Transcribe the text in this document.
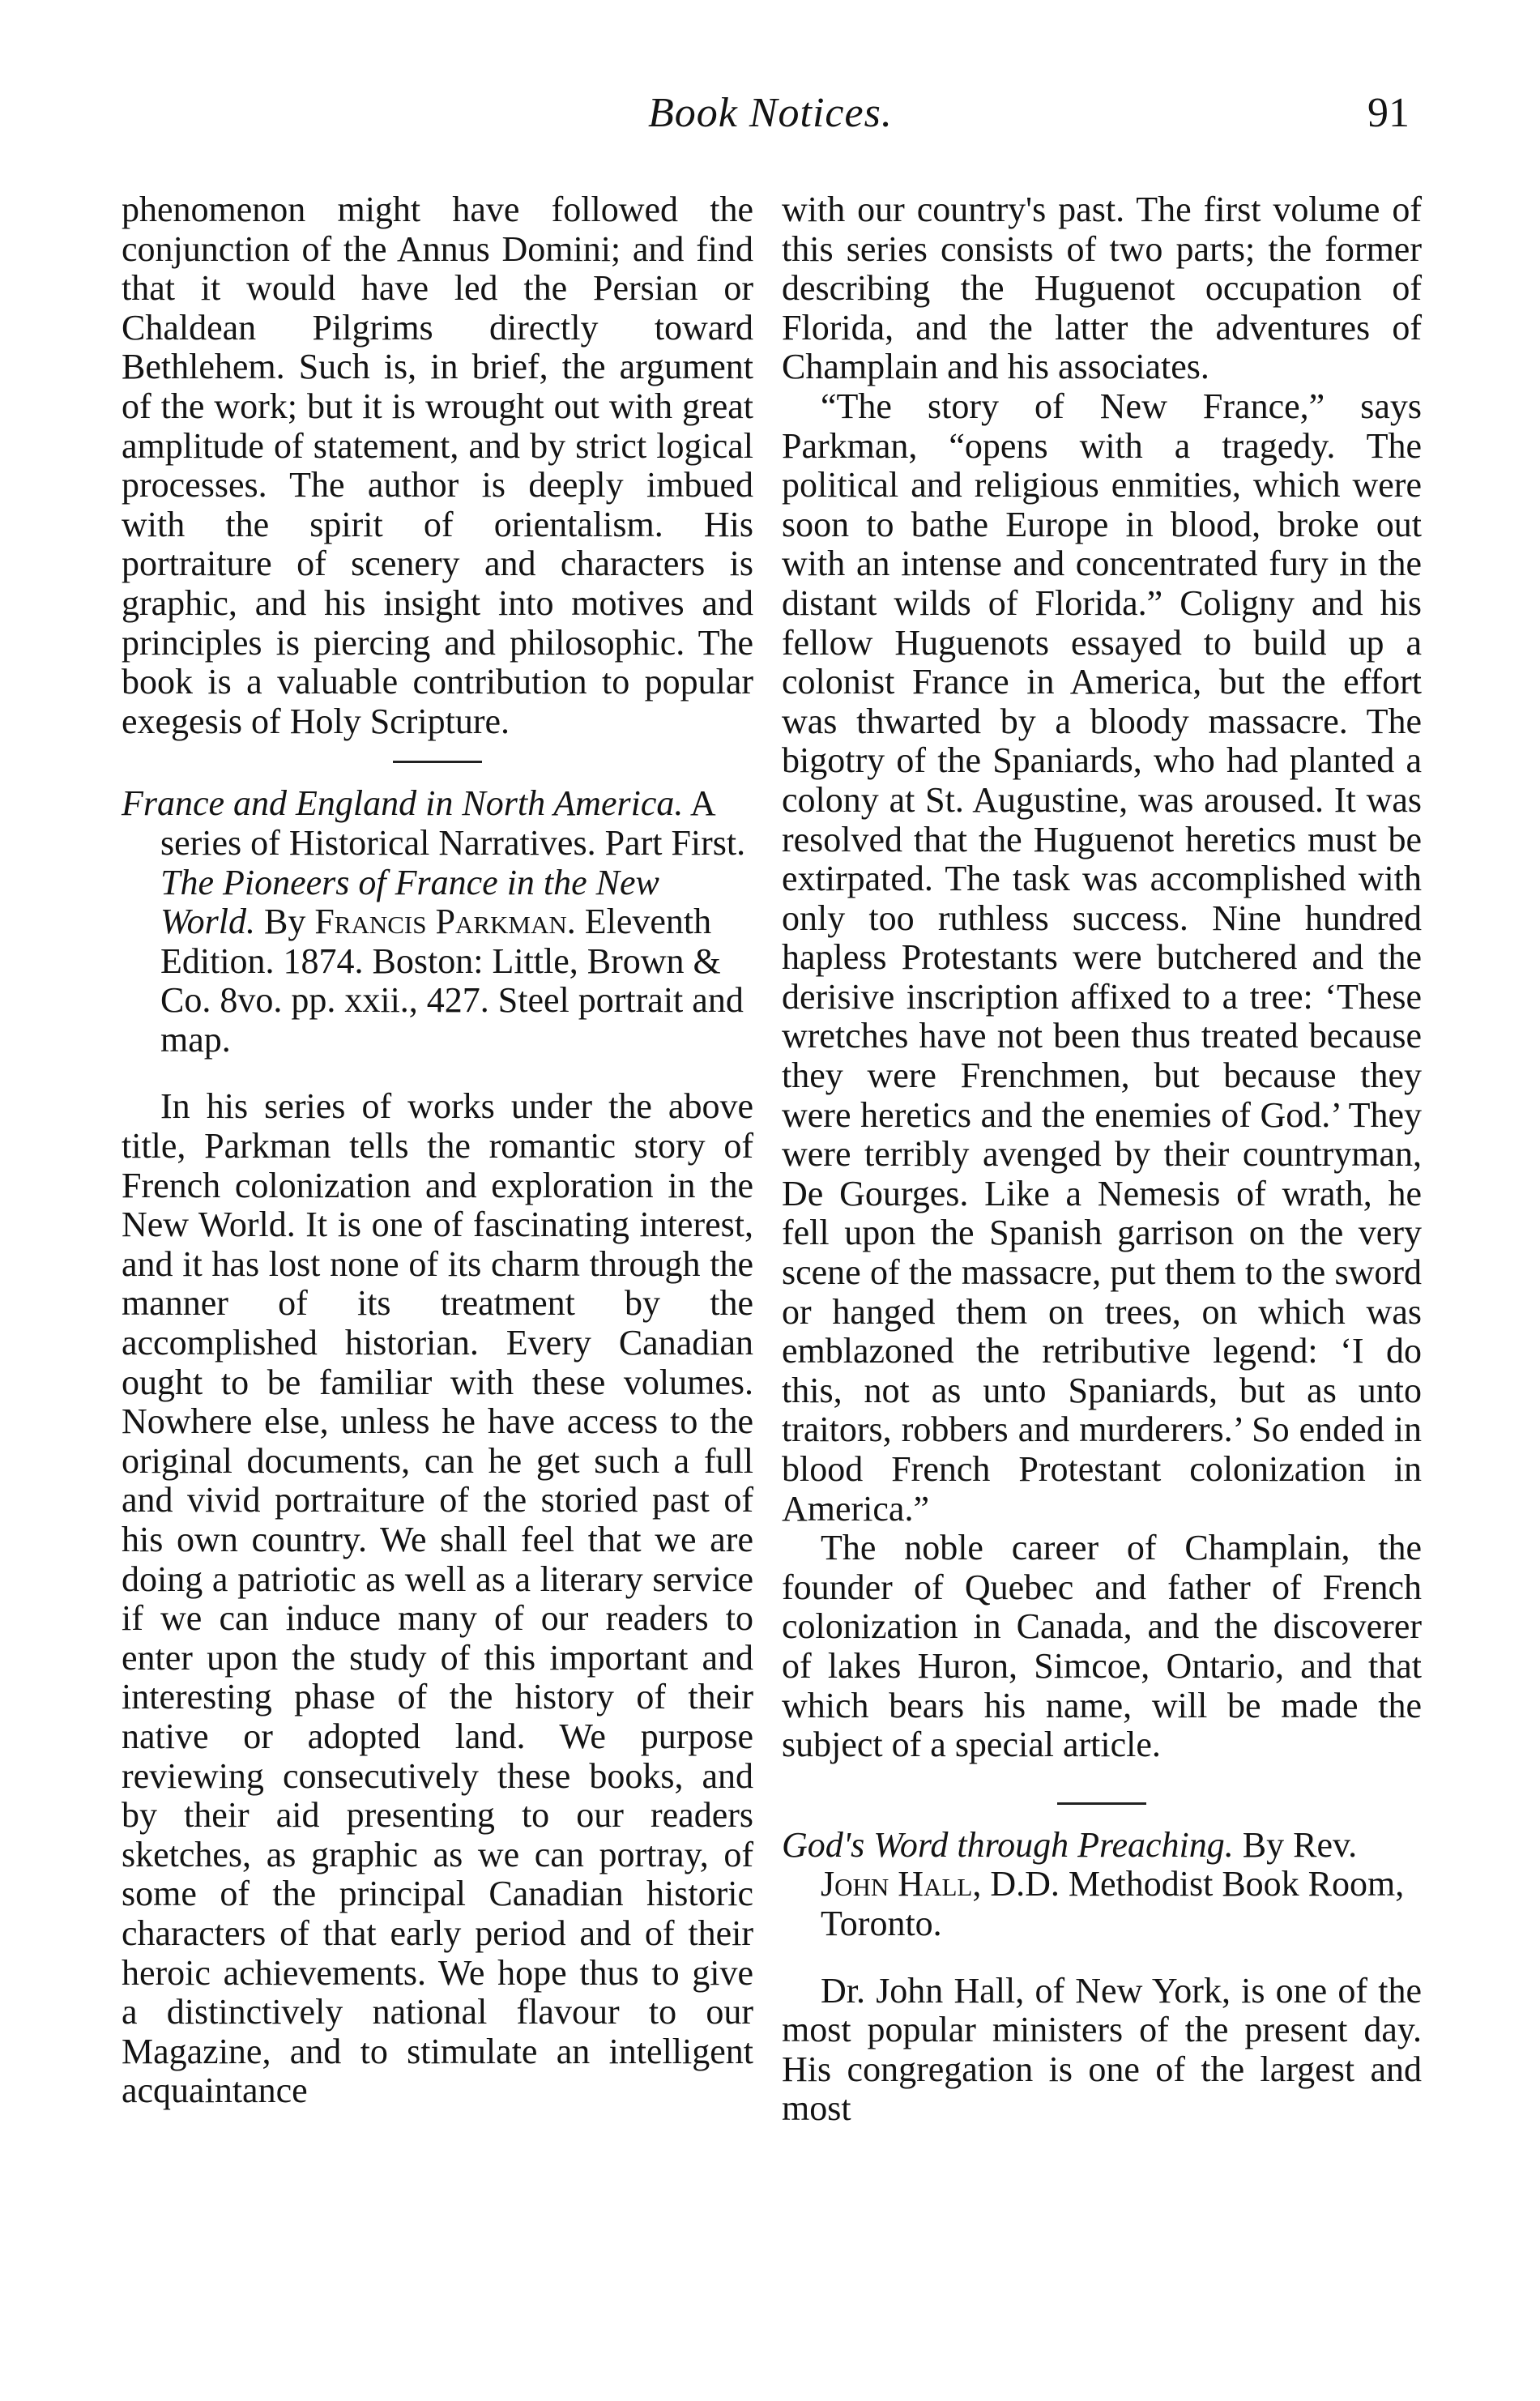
Book Notices.	91

phenomenon might have followed the conjunction of the Annus Domini; and find that it would have led the Persian or Chaldean Pilgrims directly toward Bethlehem. Such is, in brief, the argument of the work; but it is wrought out with great amplitude of statement, and by strict logical processes. The author is deeply imbued with the spirit of orientalism. His portraiture of scenery and characters is graphic, and his insight into motives and principles is piercing and philosophic. The book is a valuable contribution to popular exegesis of Holy Scripture.

France and England in North America. A series of Historical Narratives. Part First. The Pioneers of France in the New World. By Francis Parkman. Eleventh Edition. 1874. Boston: Little, Brown & Co. 8vo. pp. xxii., 427. Steel portrait and map.

In his series of works under the above title, Parkman tells the romantic story of French colonization and exploration in the New World. It is one of fascinating interest, and it has lost none of its charm through the manner of its treatment by the accomplished historian. Every Canadian ought to be familiar with these volumes. Nowhere else, unless he have access to the original documents, can he get such a full and vivid portraiture of the storied past of his own country. We shall feel that we are doing a patriotic as well as a literary service if we can induce many of our readers to enter upon the study of this important and interesting phase of the history of their native or adopted land. We purpose reviewing consecutively these books, and by their aid presenting to our readers sketches, as graphic as we can portray, of some of the principal Canadian historic characters of that early period and of their heroic achievements. We hope thus to give a distinctively national flavour to our Magazine, and to stimulate an intelligent acquaintance

with our country's past. The first volume of this series consists of two parts; the former describing the Huguenot occupation of Florida, and the latter the adventures of Champlain and his associates.

“The story of New France,” says Parkman, “opens with a tragedy. The political and religious enmities, which were soon to bathe Europe in blood, broke out with an intense and concentrated fury in the distant wilds of Florida.” Coligny and his fellow Huguenots essayed to build up a colonist France in America, but the effort was thwarted by a bloody massacre. The bigotry of the Spaniards, who had planted a colony at St. Augustine, was aroused. It was resolved that the Huguenot heretics must be extirpated. The task was accomplished with only too ruthless success. Nine hundred hapless Protestants were butchered and the derisive inscription affixed to a tree: ‘These wretches have not been thus treated because they were Frenchmen, but because they were heretics and the enemies of God.’ They were terribly avenged by their countryman, De Gourges. Like a Nemesis of wrath, he fell upon the Spanish garrison on the very scene of the massacre, put them to the sword or hanged them on trees, on which was emblazoned the retributive legend: ‘I do this, not as unto Spaniards, but as unto traitors, robbers and murderers.’ So ended in blood French Protestant colonization in America.”

The noble career of Champlain, the founder of Quebec and father of French colonization in Canada, and the discoverer of lakes Huron, Simcoe, Ontario, and that which bears his name, will be made the subject of a special article.

God's Word through Preaching. By Rev. John Hall, D.D. Methodist Book Room, Toronto.

Dr. John Hall, of New York, is one of the most popular ministers of the present day. His congregation is one of the largest and most
